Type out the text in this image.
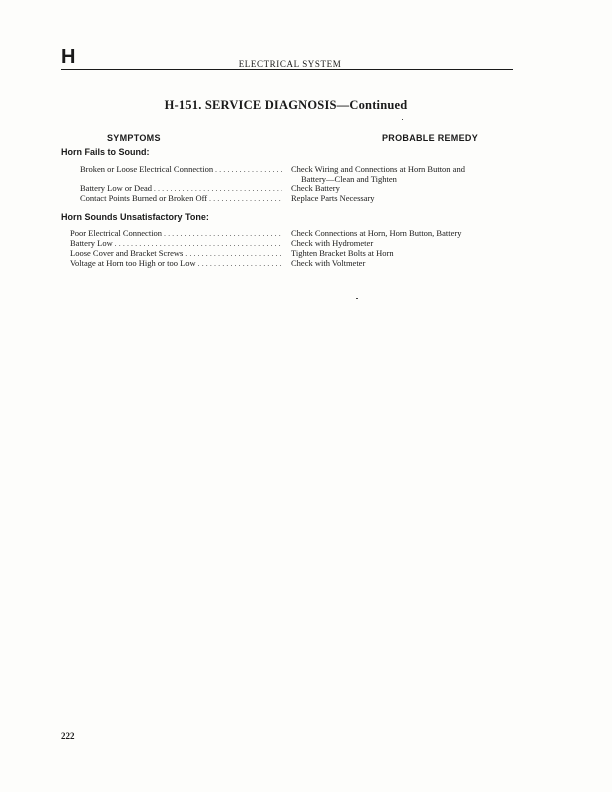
H	ELECTRICAL SYSTEM
H-151. SERVICE DIAGNOSIS—Continued
SYMPTOMS	PROBABLE REMEDY
Horn Fails to Sound:
Broken or Loose Electrical Connection . . .	Check Wiring and Connections at Horn Button and
Battery—Clean and Tighten
Battery Low or Dead . . .	Check Battery
Contact Points Burned or Broken Off . . .	Replace Parts Necessary
Horn Sounds Unsatisfactory Tone:
Poor Electrical Connection . . .	Check Connections at Horn, Horn Button, Battery
Battery Low . . .	Check with Hydrometer
Loose Cover and Bracket Screws . . .	Tighten Bracket Bolts at Horn
Voltage at Horn too High or too Low . . .	Check with Voltmeter
222
